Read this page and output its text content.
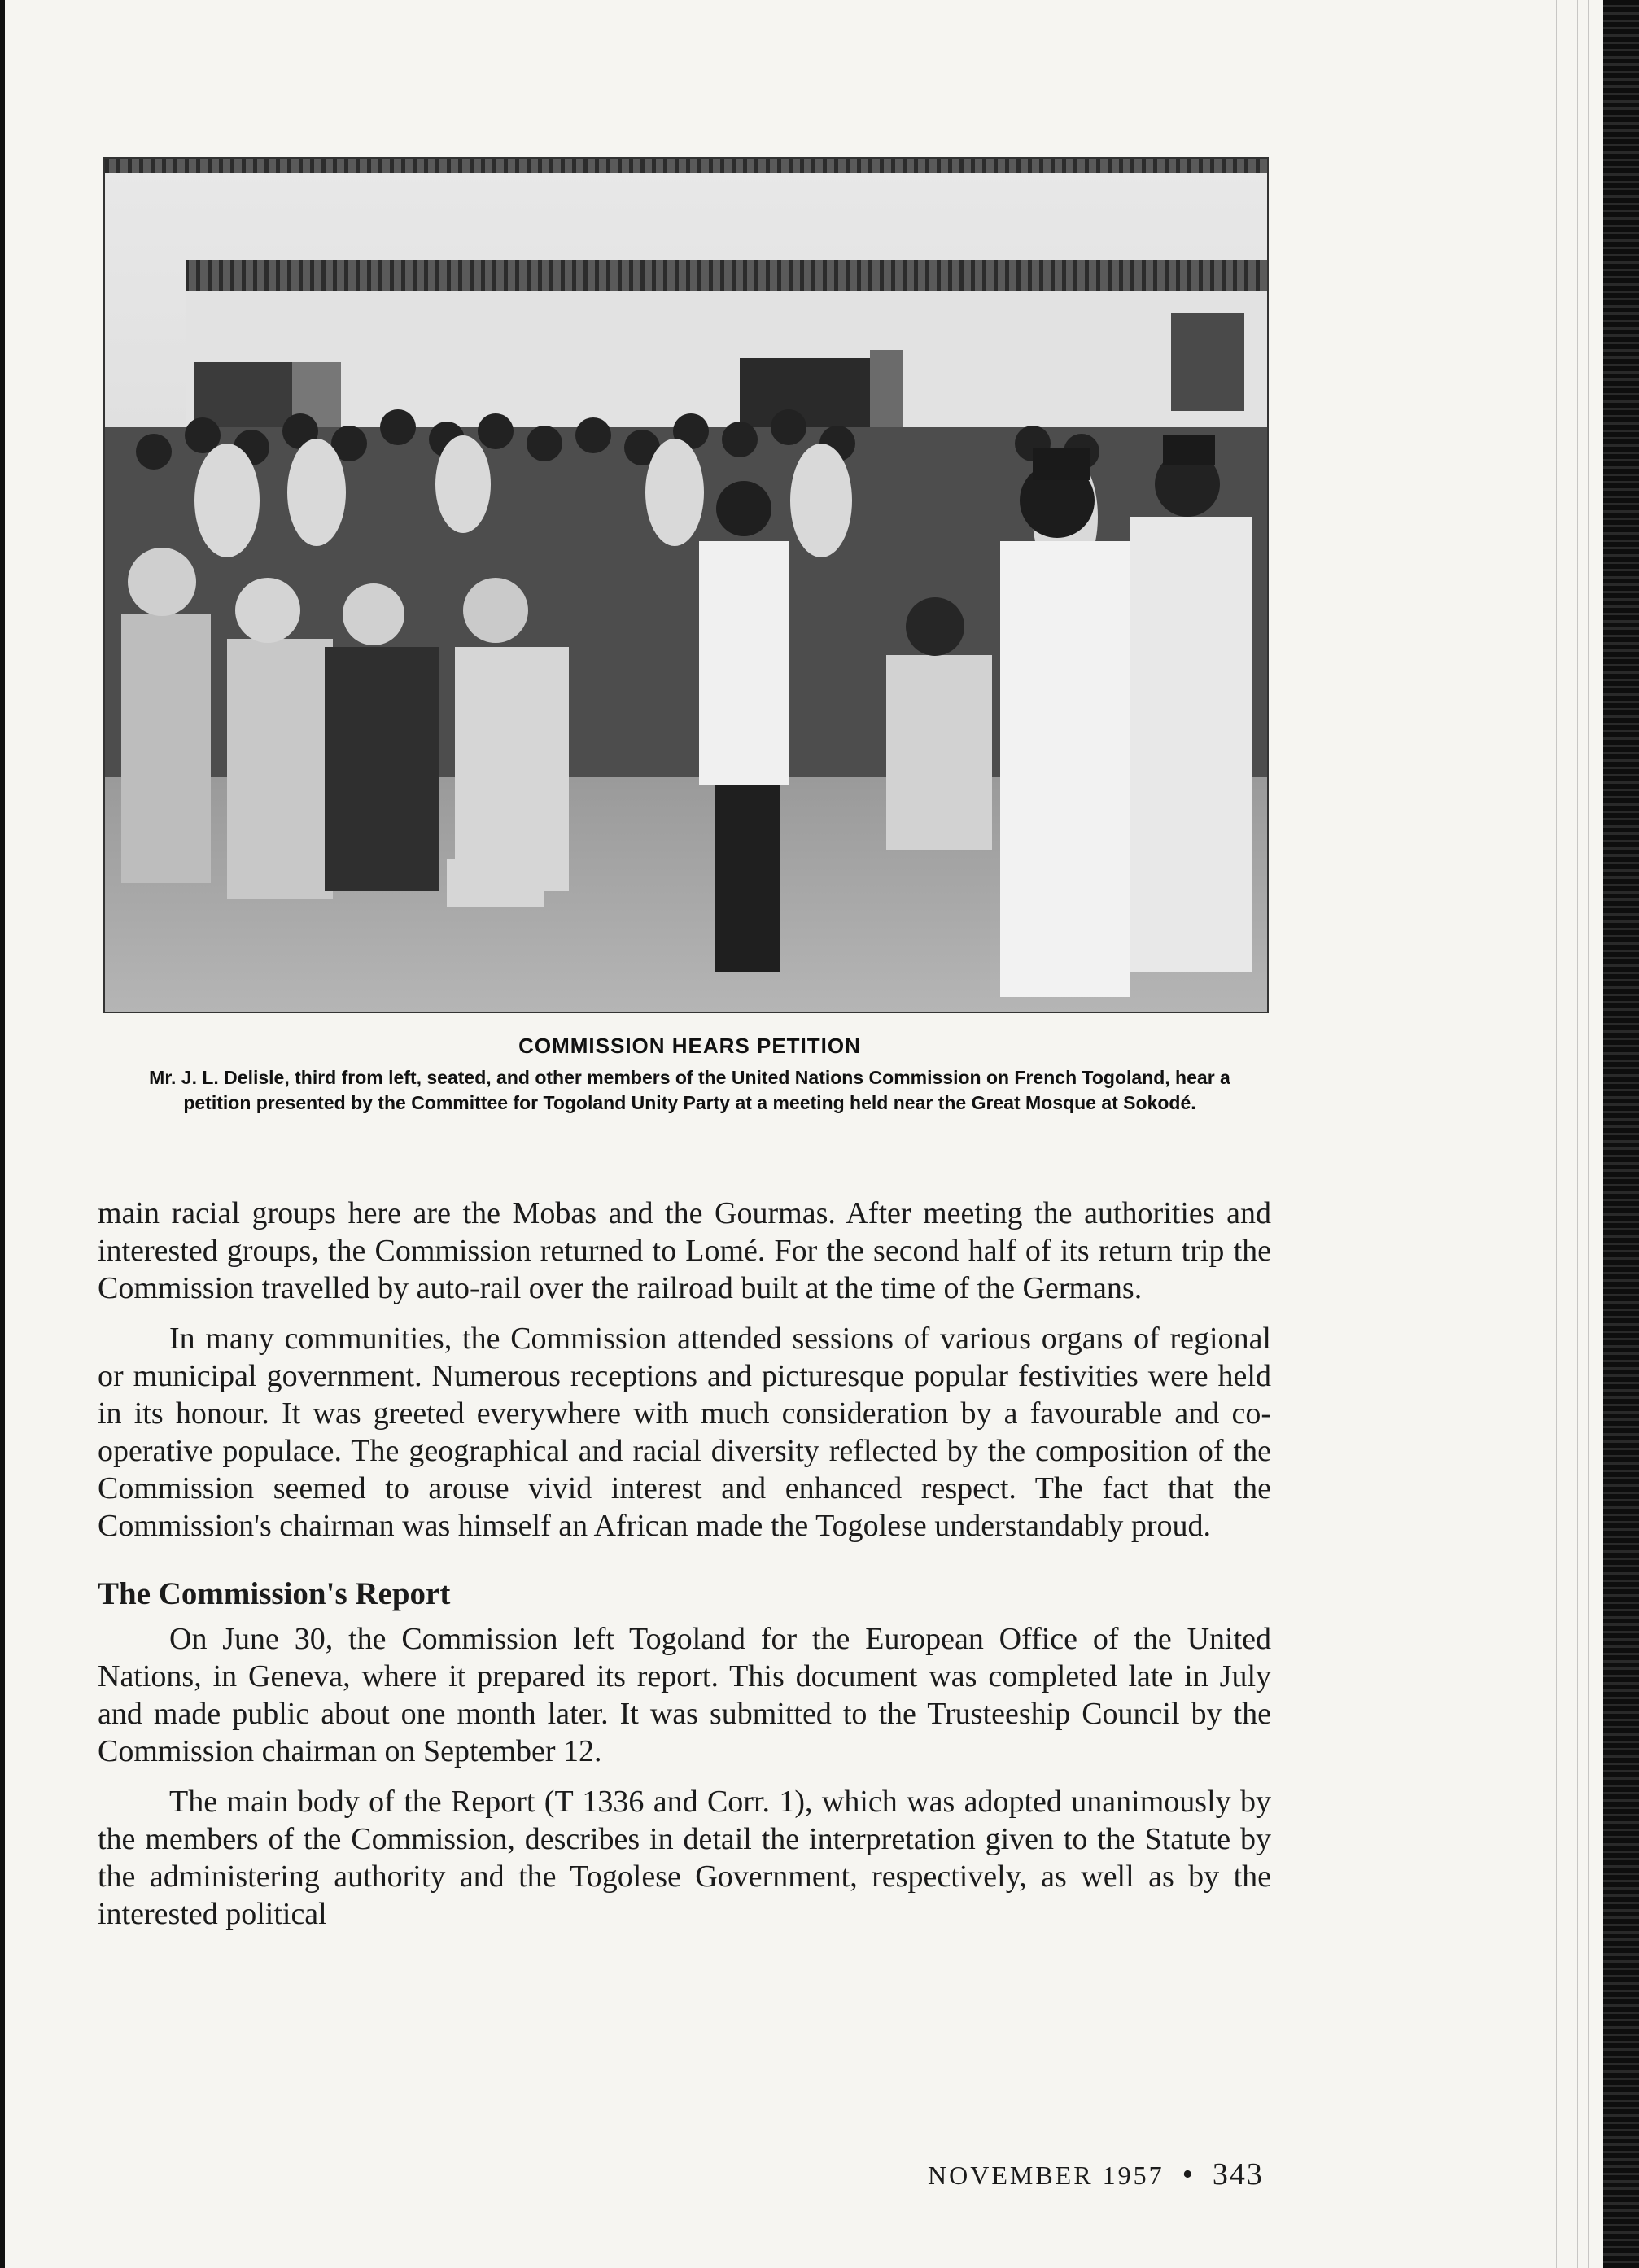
COMMISSION HEARS PETITION
Mr. J. L. Delisle, third from left, seated, and other members of the United Nations Commission on French Togoland, hear a petition presented by the Committee for Togoland Unity Party at a meeting held near the Great Mosque at Sokodé.

main racial groups here are the Mobas and the Gourmas. After meeting the authorities and interested groups, the Commission returned to Lomé. For the second half of its return trip the Commission travelled by auto-rail over the railroad built at the time of the Germans.

In many communities, the Commission attended sessions of various organs of regional or municipal government. Numerous receptions and picturesque popular festivities were held in its honour. It was greeted everywhere with much consideration by a favourable and co-operative populace. The geographical and racial diversity reflected by the composition of the Commission seemed to arouse vivid interest and enhanced respect. The fact that the Commission's chairman was himself an African made the Togolese understandably proud.

The Commission's Report

On June 30, the Commission left Togoland for the European Office of the United Nations, in Geneva, where it prepared its report. This document was completed late in July and made public about one month later. It was submitted to the Trusteeship Council by the Commission chairman on September 12.

The main body of the Report (T 1336 and Corr. 1), which was adopted unanimously by the members of the Commission, describes in detail the interpretation given to the Statute by the administering authority and the Togolese Government, respectively, as well as by the interested political

NOVEMBER 1957 • 343
